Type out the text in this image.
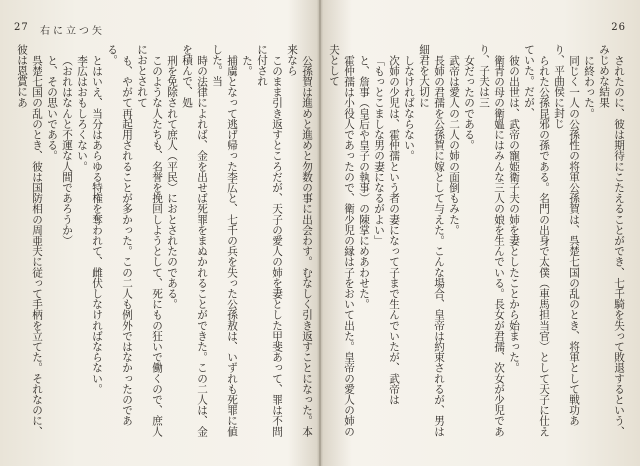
27 右に立つ矢	26

公孫賀は進めと進めと勿数の事に出会わす。むなしく引き返すことになった。本来なら

このまま引き返すところだが、天子の愛人の姉を妻とした甲斐あって、罪は不問に付され

た。

捕虜となって逃げ帰った李広と、七千の兵を失った公孫敖は、いずれも死罪に値した。当

時の法律によれば、金を出せば死罪をまぬかれることができた。この二人は、金を積んで、処

刑を免除されて庶人（平民）におとされたのである。

このような人たちも、名誉を挽回しようとして、死にもの狂いで働くので、庶人におとされて

も、やがて再起用されることが多かった。この二人も例外ではなかったのである。

とはいえ、当分はあらゆる特権を奪われて、雌伏しなければならない。

李広はおもしろくない。

（おれはなんと不運な人間であろうか）

と、その思いである。

呉楚七国の乱のとき、彼は国防相の周亜夫に従って手柄を立てた。それなのに、彼は恩賞にあ	されたのに、彼は期待にこたえることができ、七千騎を失って敗退するという、みじめな結果

に終わった。

同じく一人の公孫性の将軍公孫賀は、呉楚七国の乱のとき、将軍として戦功あり、平曲侯に封じ

られた公孫昆邪の孫である。名門の出身で太僕（車馬担当官）として天子に仕えていた。だが、

彼の出世は、武帝の寵姫衛子夫の姉を妻としたことから始まった。

衛青の母の衛媼にはみんな三人の娘を生んでいる。長女が君孺、次女が少児であり、子夫は三

女だったのである。

武帝は愛人の二人の姉の面倒もみた。

長姉の君孺を公孫賀に嫁として与えた。こんな場合、皇帝は約束されるが、男は細君を大切に

しなければならない。

次姉の少児は、霍仲孺という者の妻になって子まで生んでいたが、武帝は

「もっとこましな男の妻になるがよい」

と、詹事（皇后や皇子の執事）の陳掌にめあわせた。

霍仲孺は小役人であったので、衛少児の縁は子をおいて出た。皇帝の愛人の姉の夫として
